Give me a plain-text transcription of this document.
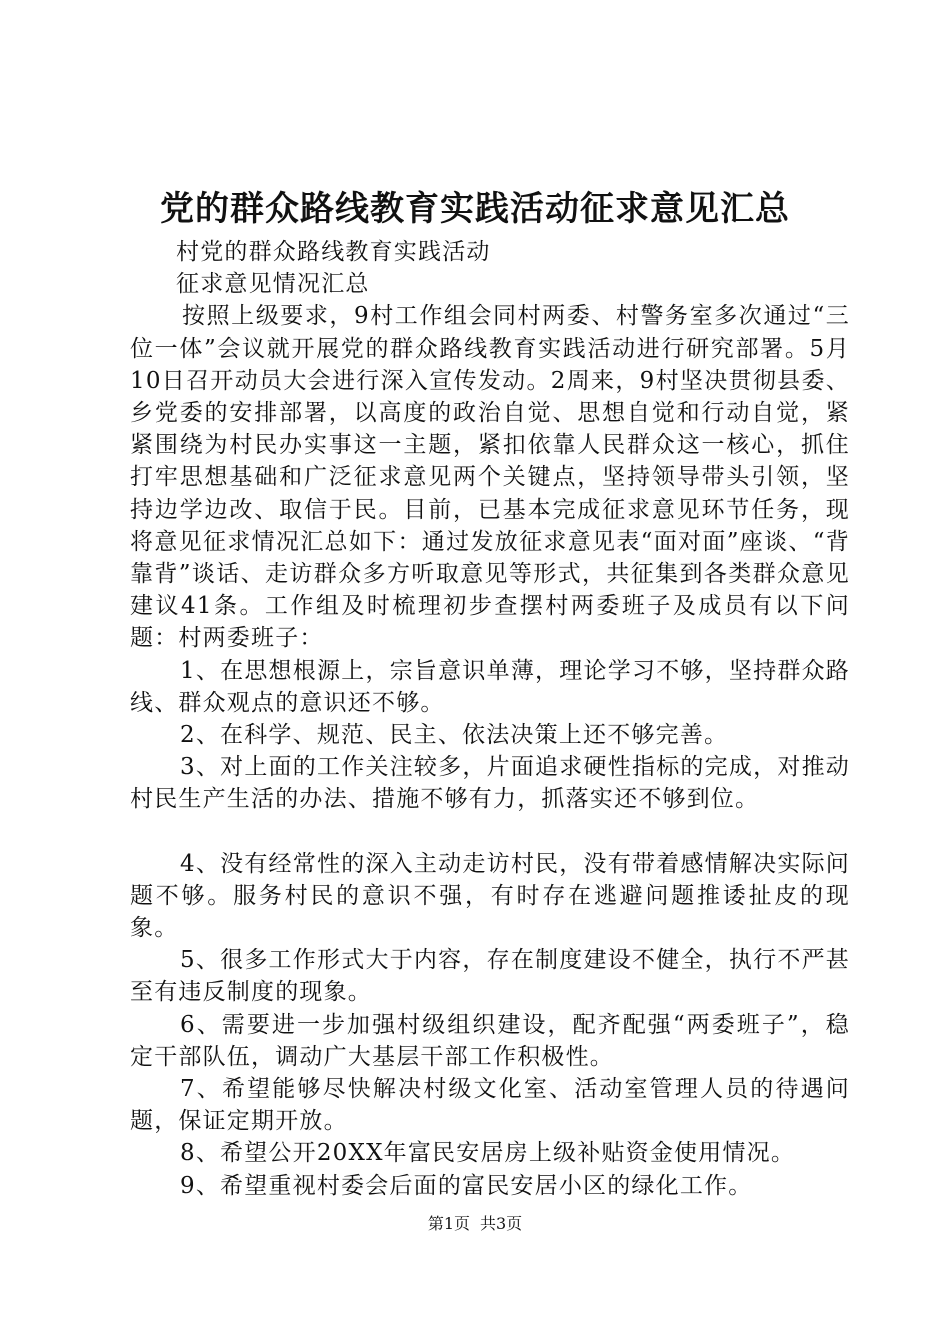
党的群众路线教育实践活动征求意见汇总

村党的群众路线教育实践活动

征求意见情况汇总

按照上级要求，9村工作组会同村两委、村警务室多次通过“三位一体”会议就开展党的群众路线教育实践活动进行研究部署。5月10日召开动员大会进行深入宣传发动。2周来，9村坚决贯彻县委、乡党委的安排部署，以高度的政治自觉、思想自觉和行动自觉，紧紧围绕为村民办实事这一主题，紧扣依靠人民群众这一核心，抓住打牢思想基础和广泛征求意见两个关键点，坚持领导带头引领，坚持边学边改、取信于民。目前，已基本完成征求意见环节任务，现将意见征求情况汇总如下：通过发放征求意见表“面对面”座谈、“背靠背”谈话、走访群众多方听取意见等形式，共征集到各类群众意见建议41条。工作组及时梳理初步查摆村两委班子及成员有以下问题：村两委班子：

1、在思想根源上，宗旨意识单薄，理论学习不够，坚持群众路线、群众观点的意识还不够。

2、在科学、规范、民主、依法决策上还不够完善。

3、对上面的工作关注较多，片面追求硬性指标的完成，对推动村民生产生活的办法、措施不够有力，抓落实还不够到位。

4、没有经常性的深入主动走访村民，没有带着感情解决实际问题不够。服务村民的意识不强，有时存在逃避问题推诿扯皮的现象。

5、很多工作形式大于内容，存在制度建设不健全，执行不严甚至有违反制度的现象。

6、需要进一步加强村级组织建设，配齐配强“两委班子”，稳定干部队伍，调动广大基层干部工作积极性。

7、希望能够尽快解决村级文化室、活动室管理人员的待遇问题，保证定期开放。

8、希望公开20XX年富民安居房上级补贴资金使用情况。

9、希望重视村委会后面的富民安居小区的绿化工作。

第1页 共3页
